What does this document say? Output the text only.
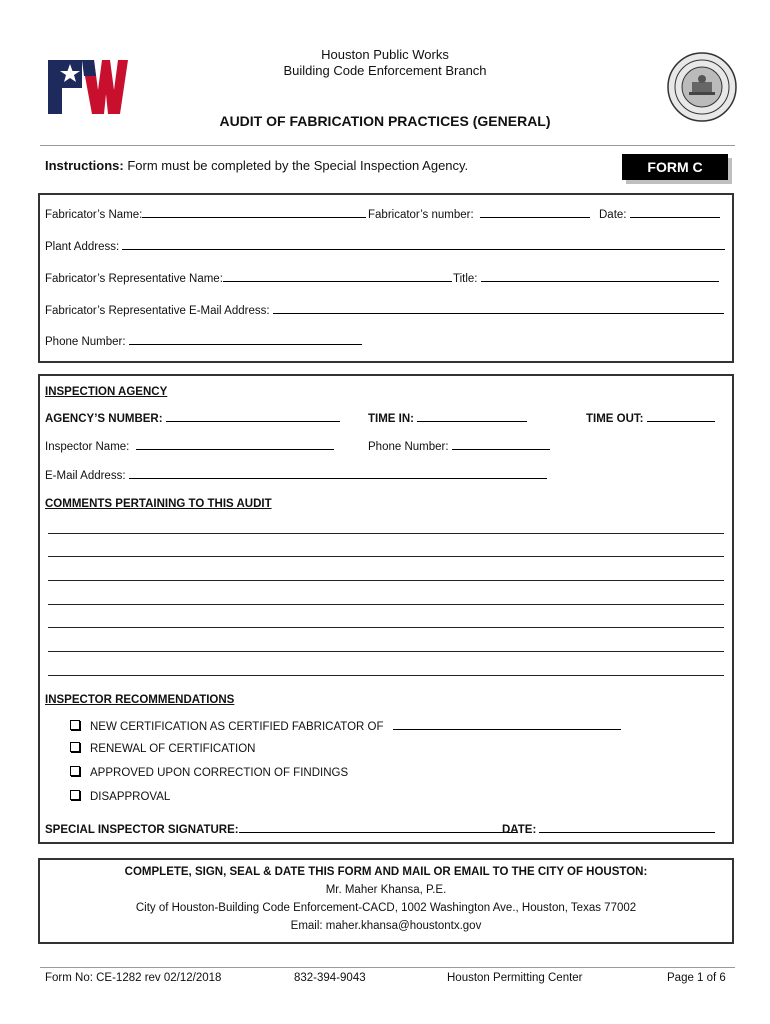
Houston Public Works
Building Code Enforcement Branch
AUDIT OF FABRICATION PRACTICES (GENERAL)
Instructions: Form must be completed by the Special Inspection Agency.	FORM C
Fabricator’s Name:	Fabricator’s number:	Date:
Plant Address:
Fabricator’s Representative Name:	Title:
Fabricator’s Representative E-Mail Address:
Phone Number:
INSPECTION AGENCY
AGENCY’S NUMBER:	TIME IN:	TIME OUT:
Inspector Name:	Phone Number:
E-Mail Address:
COMMENTS PERTAINING TO THIS AUDIT
INSPECTOR RECOMMENDATIONS
NEW CERTIFICATION AS CERTIFIED FABRICATOR OF
RENEWAL OF CERTIFICATION
APPROVED UPON CORRECTION OF FINDINGS
DISAPPROVAL
SPECIAL INSPECTOR SIGNATURE:	DATE:
COMPLETE, SIGN, SEAL & DATE THIS FORM AND MAIL OR EMAIL TO THE CITY OF HOUSTON:
Mr. Maher Khansa, P.E.
City of Houston-Building Code Enforcement-CACD, 1002 Washington Ave., Houston, Texas 77002
Email: maher.khansa@houstontx.gov
Form No: CE-1282 rev 02/12/2018	832-394-9043	Houston Permitting Center	Page 1 of 6
